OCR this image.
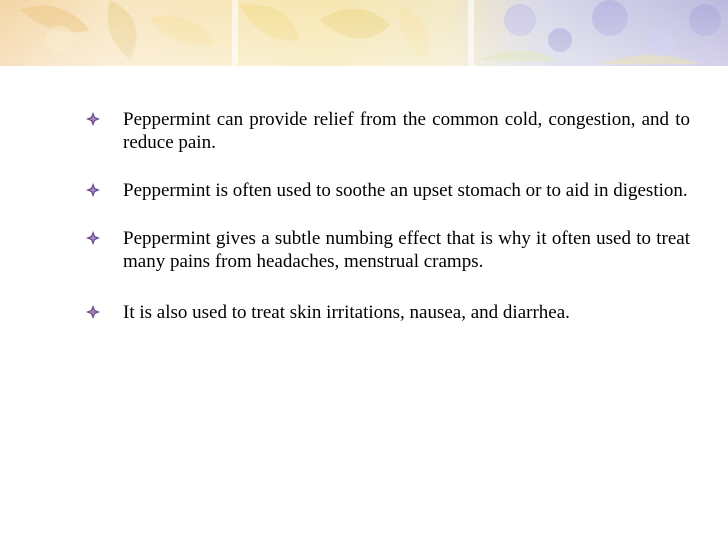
Peppermint can provide relief from the common cold, congestion, and to reduce pain.
Peppermint is often used to soothe an upset stomach or to aid in digestion.
Peppermint gives a subtle numbing effect that is why it often used to treat many pains from headaches, menstrual cramps.
It is also used to treat skin irritations, nausea, and diarrhea.
